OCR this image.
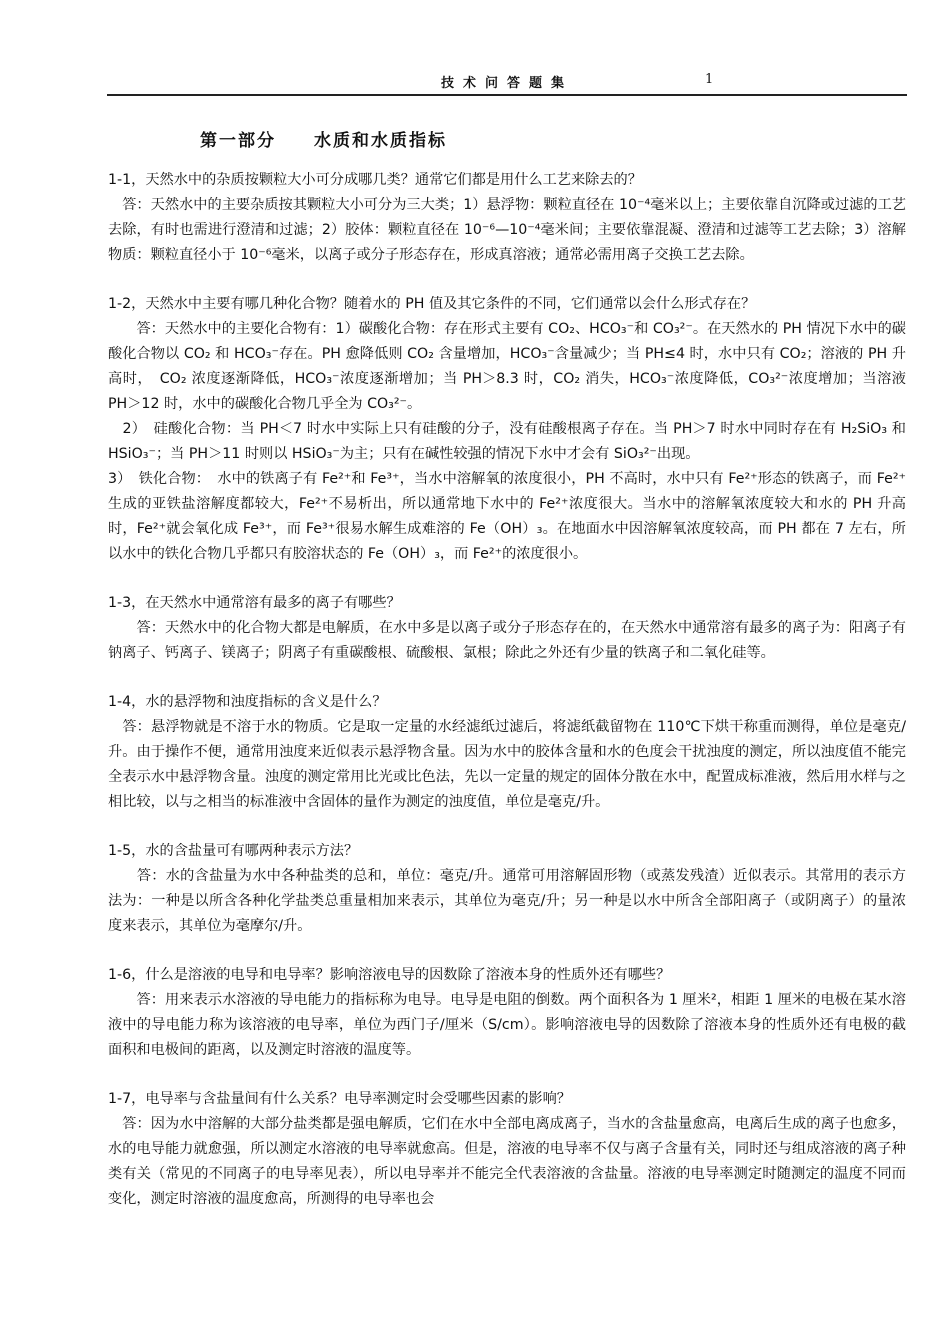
技术问答题集	1
第一部分　　水质和水质指标

1-1，天然水中的杂质按颗粒大小可分成哪几类？通常它们都是用什么工艺来除去的？

　答：天然水中的主要杂质按其颗粒大小可分为三大类；1）悬浮物：颗粒直径在 10⁻⁴毫米以上；主要依靠自沉降或过滤的工艺去除，有时也需进行澄清和过滤；2）胶体：颗粒直径在 10⁻⁶—10⁻⁴毫米间；主要依靠混凝、澄清和过滤等工艺去除；3）溶解物质：颗粒直径小于 10⁻⁶毫米，以离子或分子形态存在，形成真溶液；通常必需用离子交换工艺去除。

1-2，天然水中主要有哪几种化合物？随着水的 PH 值及其它条件的不同，它们通常以会什么形式存在？

　　答：天然水中的主要化合物有：1）碳酸化合物：存在形式主要有 CO₂、HCO₃⁻和 CO₃²⁻。在天然水的 PH 情况下水中的碳酸化合物以 CO₂ 和 HCO₃⁻存在。PH 愈降低则 CO₂ 含量增加，HCO₃⁻含量减少；当 PH≤4 时，水中只有 CO₂；溶液的 PH 升高时，　CO₂ 浓度逐渐降低，HCO₃⁻浓度逐渐增加；当 PH＞8.3 时，CO₂ 消失，HCO₃⁻浓度降低，CO₃²⁻浓度增加；当溶液 PH＞12 时，水中的碳酸化合物几乎全为 CO₃²⁻。

　2）　硅酸化合物：当 PH＜7 时水中实际上只有硅酸的分子，没有硅酸根离子存在。当 PH＞7 时水中同时存在有 H₂SiO₃ 和 HSiO₃⁻；当 PH＞11 时则以 HSiO₃⁻为主；只有在碱性较强的情况下水中才会有 SiO₃²⁻出现。

3）　铁化合物：　水中的铁离子有 Fe²⁺和 Fe³⁺，当水中溶解氧的浓度很小，PH 不高时，水中只有 Fe²⁺形态的铁离子，而 Fe²⁺生成的亚铁盐溶解度都较大，Fe²⁺不易析出，所以通常地下水中的 Fe²⁺浓度很大。当水中的溶解氧浓度较大和水的 PH 升高时，Fe²⁺就会氧化成 Fe³⁺，而 Fe³⁺很易水解生成难溶的 Fe（OH）₃。在地面水中因溶解氧浓度较高，而 PH 都在 7 左右，所以水中的铁化合物几乎都只有胶溶状态的 Fe（OH）₃，而 Fe²⁺的浓度很小。

1-3，在天然水中通常溶有最多的离子有哪些？

　　答：天然水中的化合物大都是电解质，在水中多是以离子或分子形态存在的，在天然水中通常溶有最多的离子为：阳离子有钠离子、钙离子、镁离子；阴离子有重碳酸根、硫酸根、氯根；除此之外还有少量的铁离子和二氧化硅等。

1-4，水的悬浮物和浊度指标的含义是什么？

　答：悬浮物就是不溶于水的物质。它是取一定量的水经滤纸过滤后，将滤纸截留物在 110℃下烘干称重而测得，单位是毫克/升。由于操作不便，通常用浊度来近似表示悬浮物含量。因为水中的胶体含量和水的色度会干扰浊度的测定，所以浊度值不能完全表示水中悬浮物含量。浊度的测定常用比光或比色法，先以一定量的规定的固体分散在水中，配置成标准液，然后用水样与之相比较，以与之相当的标准液中含固体的量作为测定的浊度值，单位是毫克/升。

1-5，水的含盐量可有哪两种表示方法？

　　答：水的含盐量为水中各种盐类的总和，单位：毫克/升。通常可用溶解固形物（或蒸发残渣）近似表示。其常用的表示方法为：一种是以所含各种化学盐类总重量相加来表示，其单位为毫克/升；另一种是以水中所含全部阳离子（或阴离子）的量浓度来表示，其单位为毫摩尔/升。

1-6，什么是溶液的电导和电导率？影响溶液电导的因数除了溶液本身的性质外还有哪些？

　　答：用来表示水溶液的导电能力的指标称为电导。电导是电阻的倒数。两个面积各为 1 厘米²，相距 1 厘米的电极在某水溶液中的导电能力称为该溶液的电导率，单位为西门子/厘米（S/cm）。影响溶液电导的因数除了溶液本身的性质外还有电极的截面积和电极间的距离，以及测定时溶液的温度等。

1-7，电导率与含盐量间有什么关系？电导率测定时会受哪些因素的影响？

　答：因为水中溶解的大部分盐类都是强电解质，它们在水中全部电离成离子，当水的含盐量愈高，电离后生成的离子也愈多，水的电导能力就愈强，所以测定水溶液的电导率就愈高。但是，溶液的电导率不仅与离子含量有关，同时还与组成溶液的离子种类有关（常见的不同离子的电导率见表），所以电导率并不能完全代表溶液的含盐量。溶液的电导率测定时随测定的温度不同而变化，测定时溶液的温度愈高，所测得的电导率也会
